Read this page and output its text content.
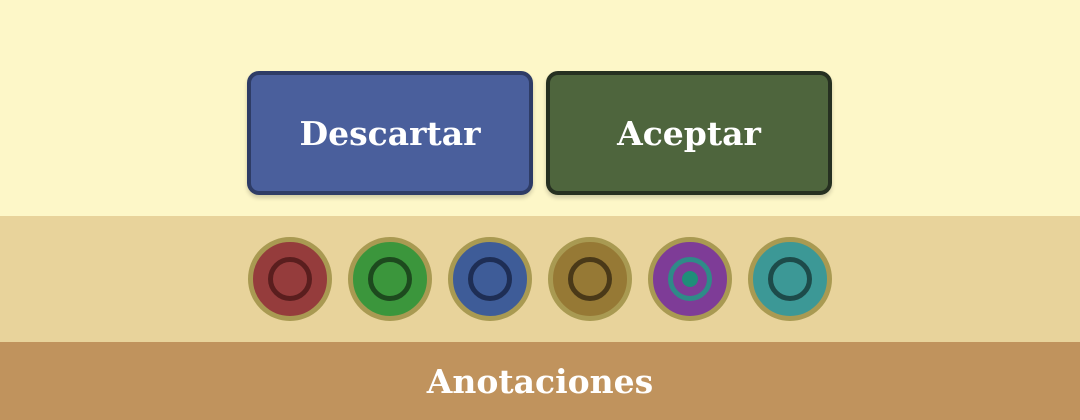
Descartar	Aceptar
Anotaciones
